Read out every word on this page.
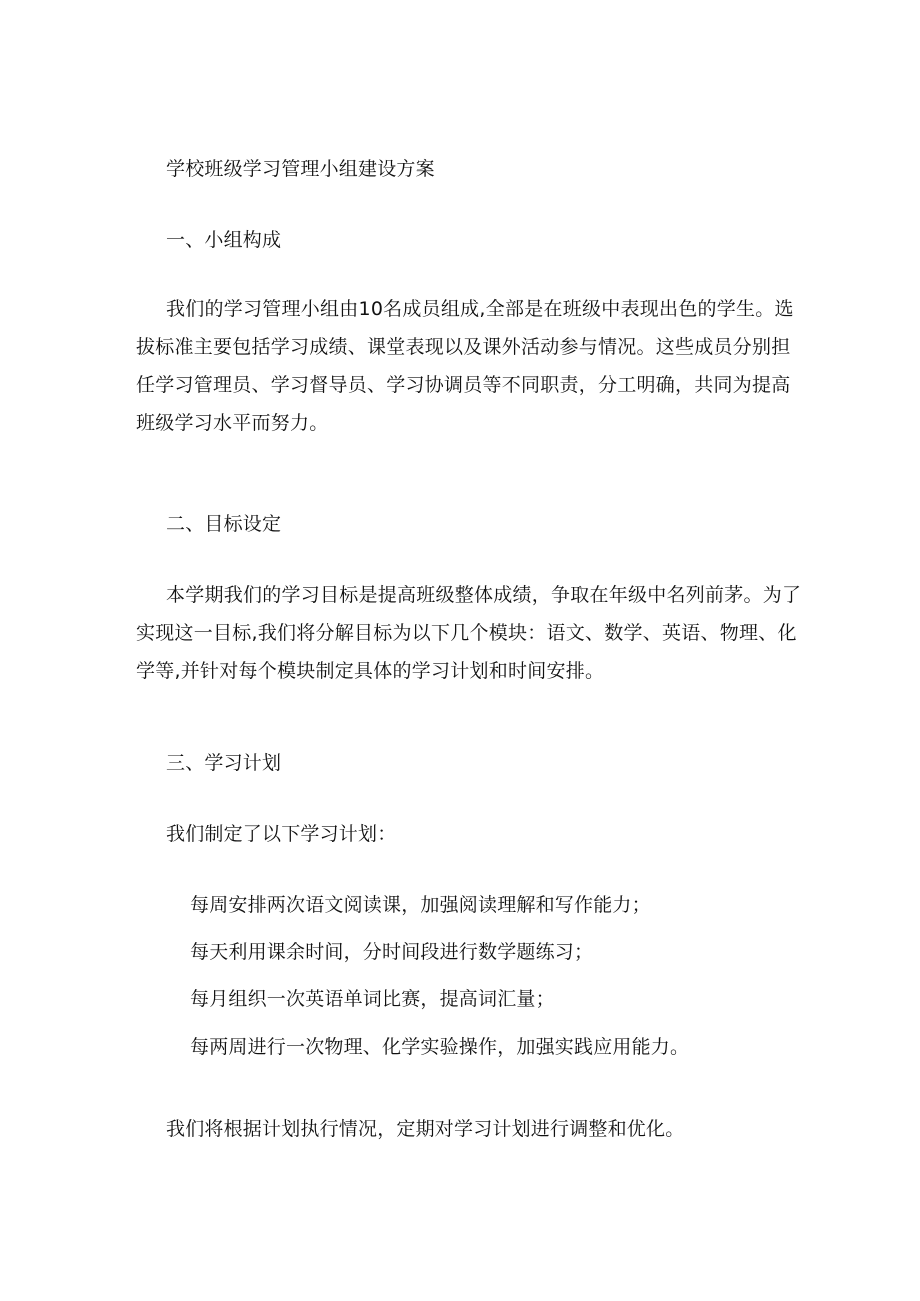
学校班级学习管理小组建设方案
一、小组构成
我们的学习管理小组由10名成员组成,全部是在班级中表现出色的学生。选拔标准主要包括学习成绩、课堂表现以及课外活动参与情况。这些成员分别担任学习管理员、学习督导员、学习协调员等不同职责，分工明确，共同为提高班级学习水平而努力。
二、目标设定
本学期我们的学习目标是提高班级整体成绩，争取在年级中名列前茅。为了实现这一目标,我们将分解目标为以下几个模块：语文、数学、英语、物理、化学等,并针对每个模块制定具体的学习计划和时间安排。
三、学习计划
我们制定了以下学习计划：
每周安排两次语文阅读课，加强阅读理解和写作能力；
每天利用课余时间，分时间段进行数学题练习；
每月组织一次英语单词比赛，提高词汇量；
每两周进行一次物理、化学实验操作，加强实践应用能力。
我们将根据计划执行情况，定期对学习计划进行调整和优化。
